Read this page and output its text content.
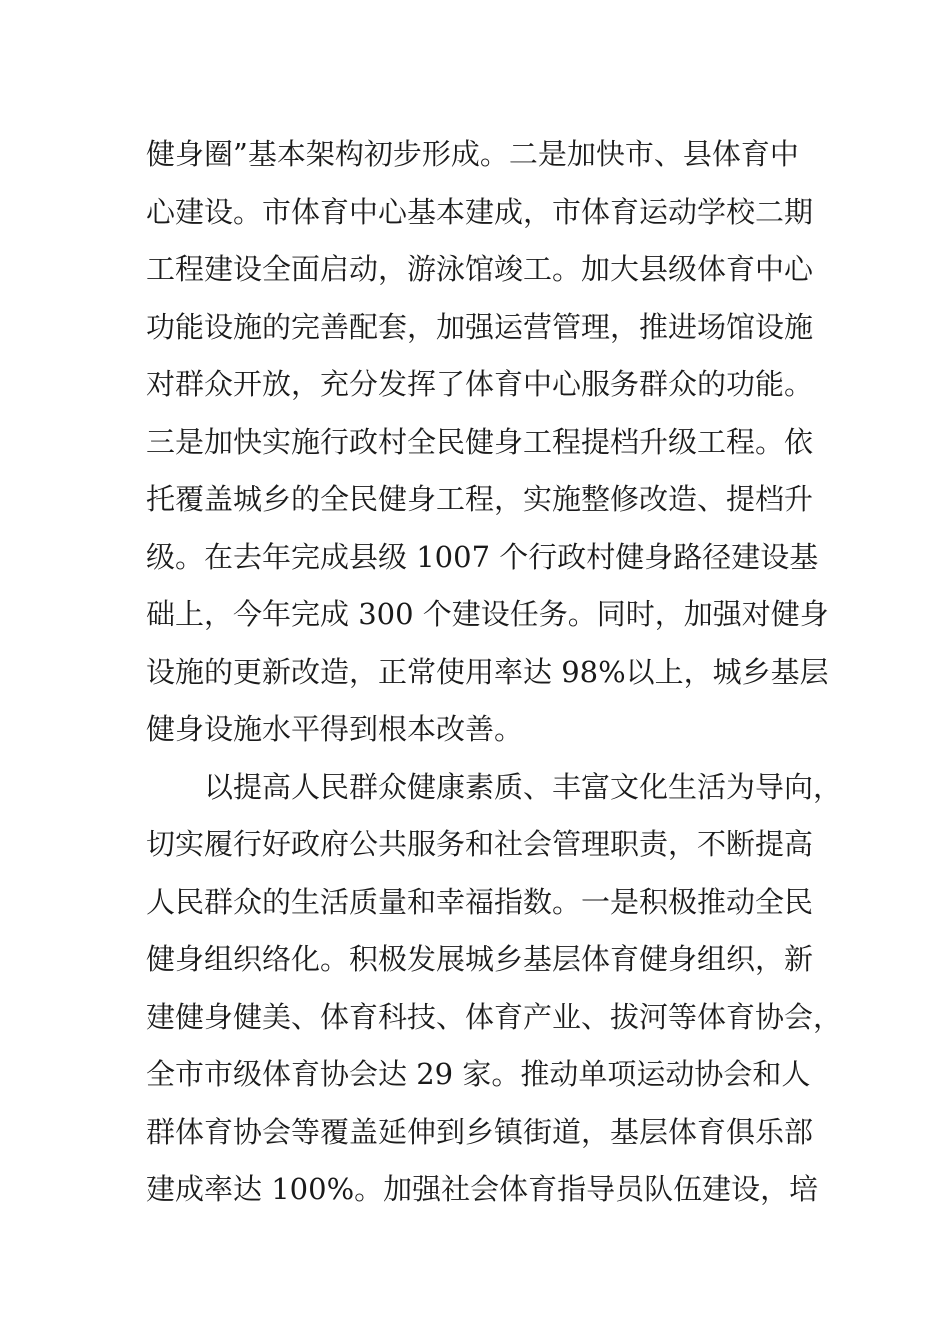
健身圈”基本架构初步形成。二是加快市、县体育中
心建设。市体育中心基本建成，市体育运动学校二期
工程建设全面启动，游泳馆竣工。加大县级体育中心
功能设施的完善配套，加强运营管理，推进场馆设施
对群众开放，充分发挥了体育中心服务群众的功能。
三是加快实施行政村全民健身工程提档升级工程。依
托覆盖城乡的全民健身工程，实施整修改造、提档升
级。在去年完成县级 1007 个行政村健身路径建设基
础上，今年完成 300 个建设任务。同时，加强对健身
设施的更新改造，正常使用率达 98%以上，城乡基层
健身设施水平得到根本改善。
以提高人民群众健康素质、丰富文化生活为导向，
切实履行好政府公共服务和社会管理职责，不断提高
人民群众的生活质量和幸福指数。一是积极推动全民
健身组织络化。积极发展城乡基层体育健身组织，新
建健身健美、体育科技、体育产业、拔河等体育协会，
全市市级体育协会达 29 家。推动单项运动协会和人
群体育协会等覆盖延伸到乡镇街道，基层体育俱乐部
建成率达 100%。加强社会体育指导员队伍建设，培
